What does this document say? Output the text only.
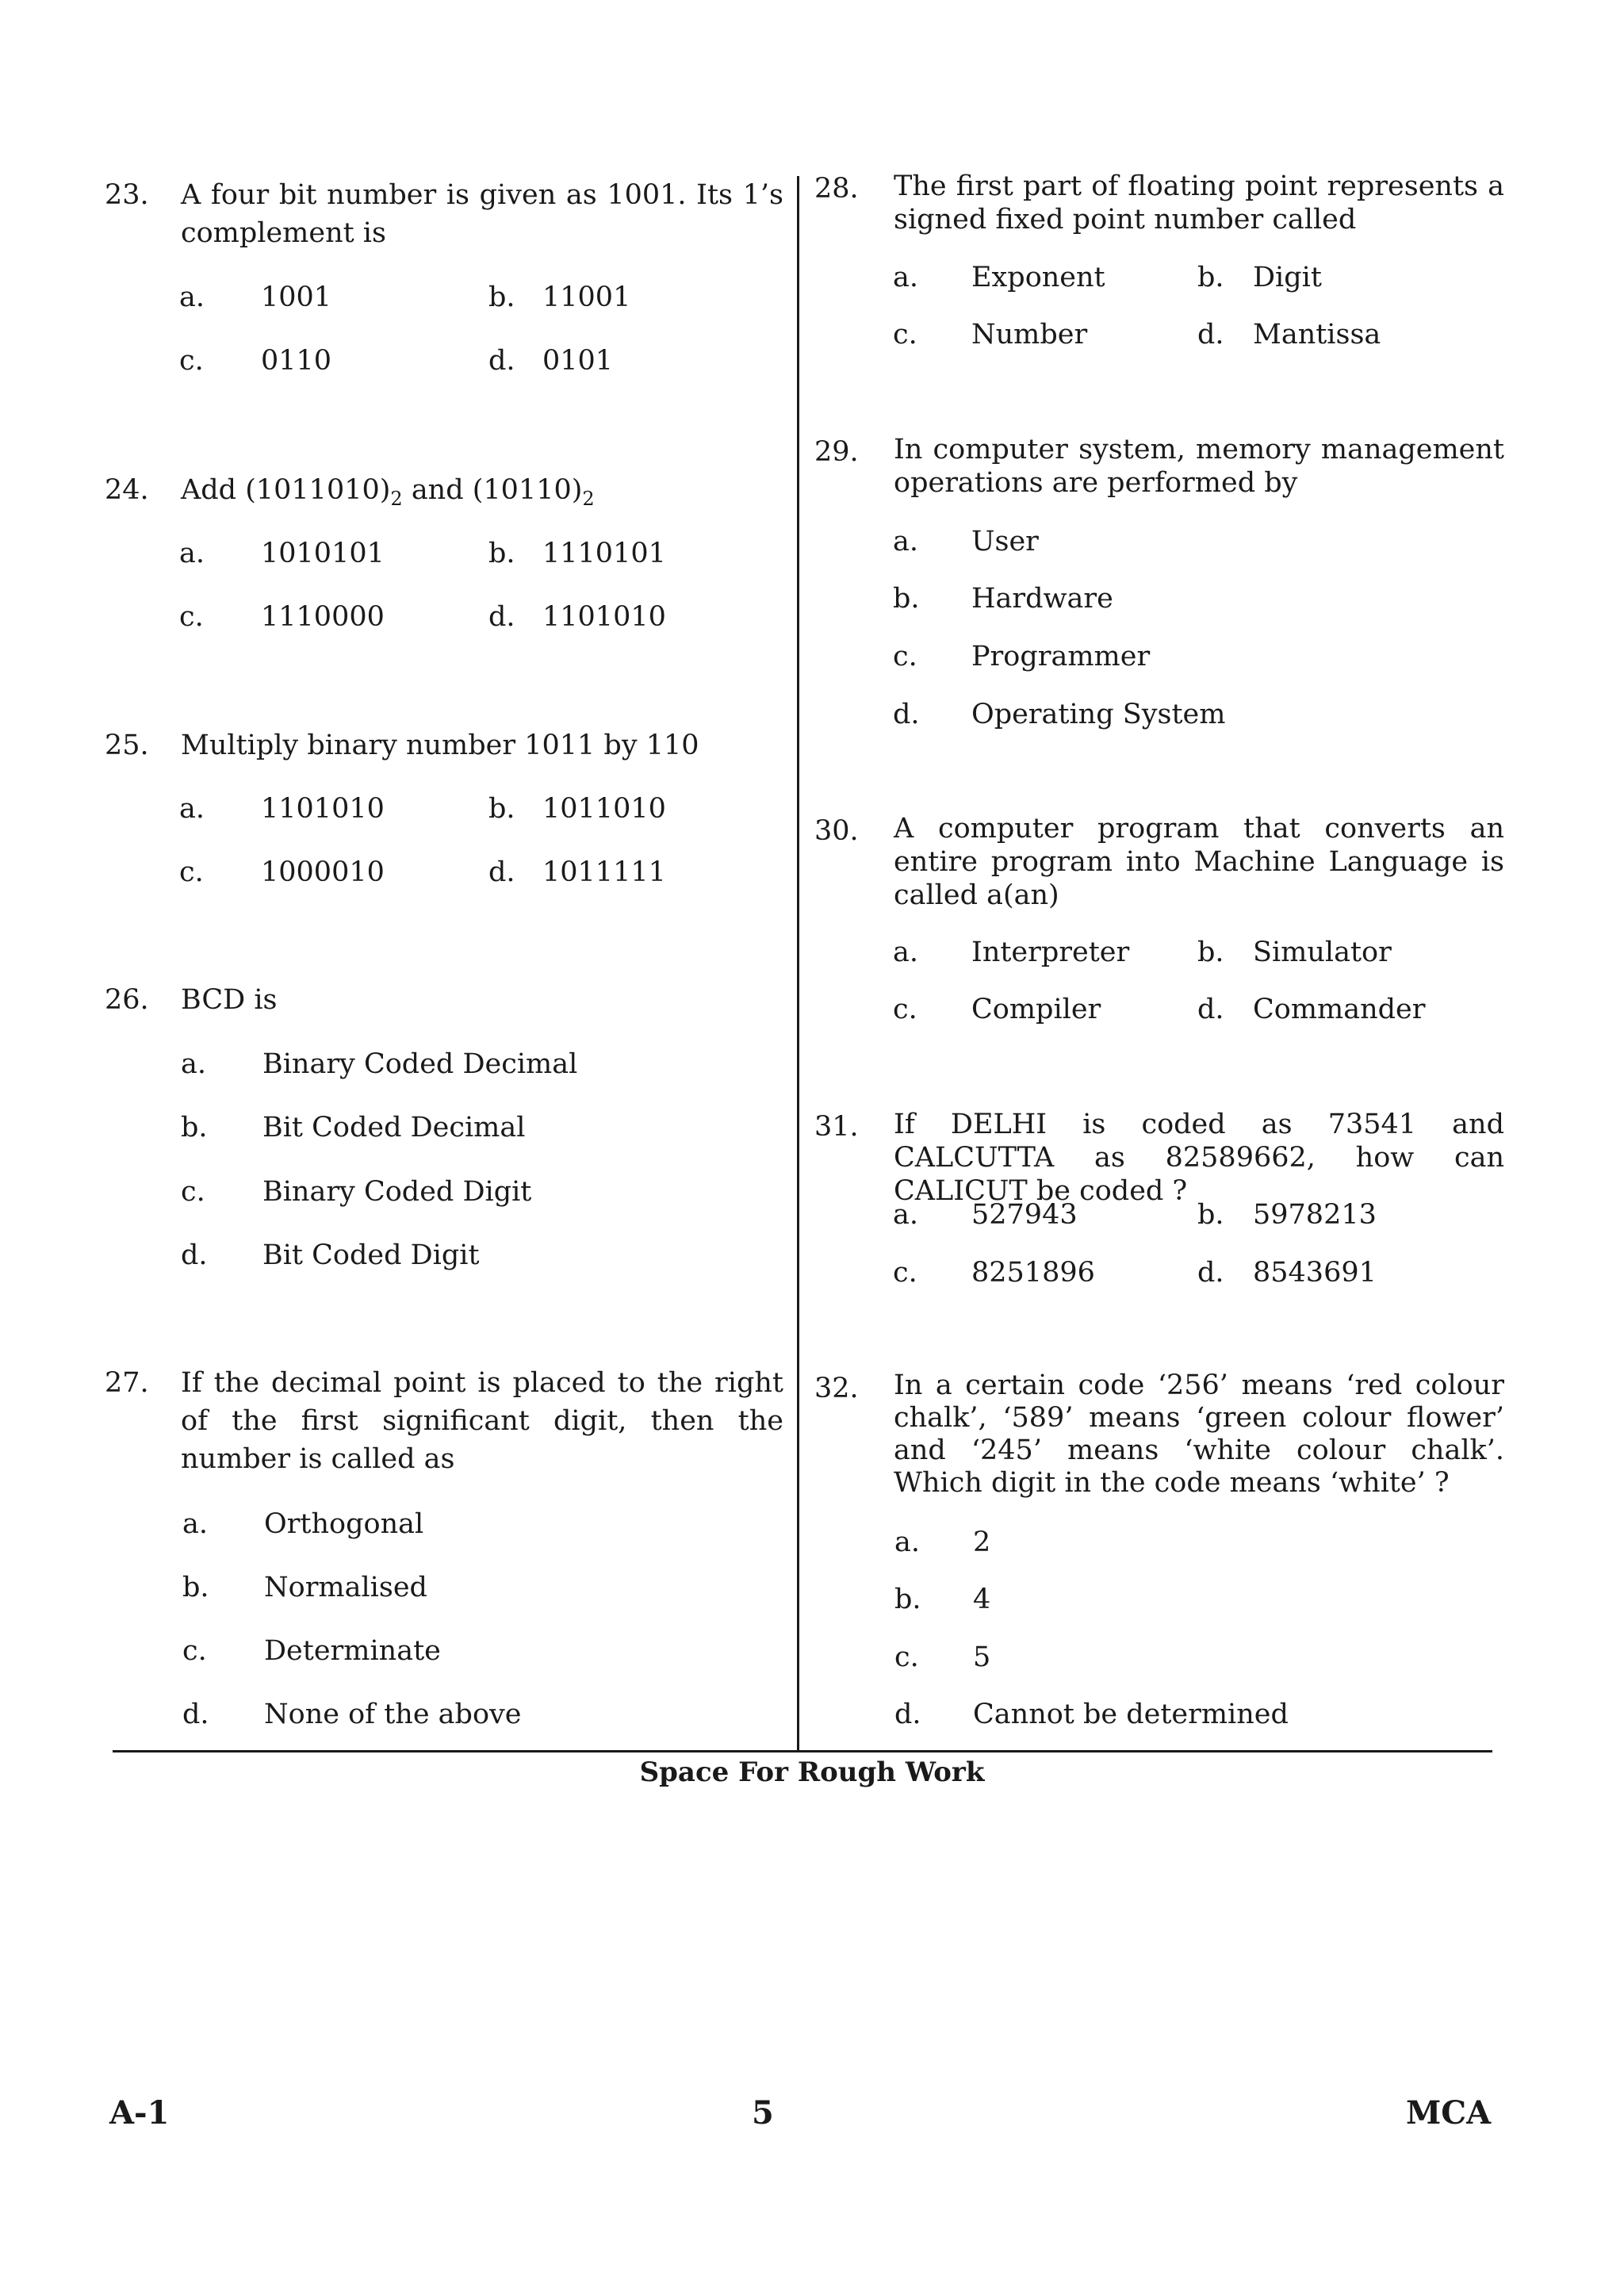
23. A four bit number is given as 1001. Its 1’s complement is
a. 1001	b. 11001
c. 0110	d. 0101
24. Add $(1011010)_2$ and $(10110)_2$
a. 1010101	b. 1110101
c. 1110000	d. 1101010
25. Multiply binary number 1011 by 110
a. 1101010	b. 1011010
c. 1000010	d. 1011111
26. BCD is
a. Binary Coded Decimal
b. Bit Coded Decimal
c. Binary Coded Digit
d. Bit Coded Digit
27. If the decimal point is placed to the right of the first significant digit, then the number is called as
a. Orthogonal
b. Normalised
c. Determinate
d. None of the above
28. The first part of floating point represents a signed fixed point number called
a. Exponent	b. Digit
c. Number	d. Mantissa
29. In computer system, memory management operations are performed by
a. User
b. Hardware
c. Programmer
d. Operating System
30. A computer program that converts an entire program into Machine Language is called a(an)
a. Interpreter b. Simulator
c. Compiler	d. Commander
31. If DELHI is coded as 73541 and CALCUTTA as 82589662, how can CALICUT be coded ?
a. 527943	b. 5978213
c. 8251896	d. 8543691
32. In a certain code ‘256’ means ‘red colour chalk’, ‘589’ means ‘green colour flower’ and ‘245’ means ‘white colour chalk’. Which digit in the code means ‘white’ ?
a. 2
b. 4
c. 5
d. Cannot be determined
Space For Rough Work
A-1	5	MCA
